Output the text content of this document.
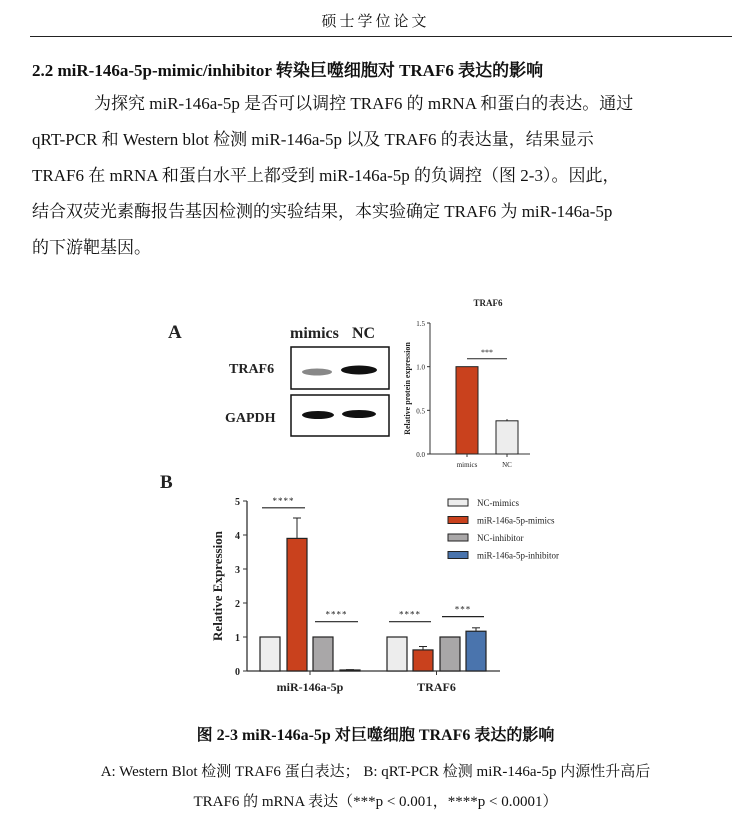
硕士学位论文
2.2 miR-146a-5p-mimic/inhibitor 转染巨噬细胞对 TRAF6 表达的影响
为探究 miR-146a-5p 是否可以调控 TRAF6 的 mRNA 和蛋白的表达。通过
qRT-PCR 和 Western blot 检测 miR-146a-5p 以及 TRAF6 的表达量，结果显示
TRAF6 在 mRNA 和蛋白水平上都受到 miR-146a-5p 的负调控（图 2-3）。因此，
结合双荧光素酶报告基因检测的实验结果，本实验确定 TRAF6 为 miR-146a-5p
的下游靶基因。
A	mimics NC
TRAF6
GAPDH
B
TRAF6
0.0
0.5
1.0
1.5
Relative protein expression
mimics	NC
***
0
1
2
3
4
5
Relative Expression
miR-146a-5p	TRAF6
****
****	****
***
NC-mimics
miR-146a-5p-mimics
NC-inhibitor
miR-146a-5p-inhibitor
图 2-3 miR-146a-5p 对巨噬细胞 TRAF6 表达的影响
A: Western Blot 检测 TRAF6 蛋白表达； B: qRT-PCR 检测 miR-146a-5p 内源性升高后
TRAF6 的 mRNA 表达（***p < 0.001，****p < 0.0001）
